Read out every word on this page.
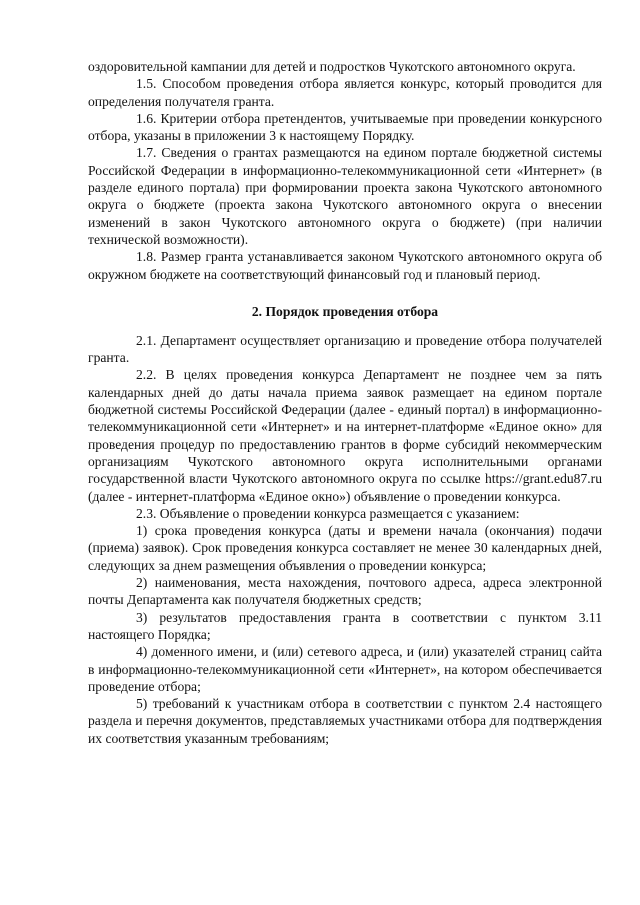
оздоровительной кампании для детей и подростков Чукотского автономного округа.

1.5. Способом проведения отбора является конкурс, который проводится для определения получателя гранта.

1.6. Критерии отбора претендентов, учитываемые при проведении конкурсного отбора, указаны в приложении 3 к настоящему Порядку.

1.7. Сведения о грантах размещаются на едином портале бюджетной системы Российской Федерации в информационно-телекоммуникационной сети «Интернет» (в разделе единого портала) при формировании проекта закона Чукотского автономного округа о бюджете (проекта закона Чукотского автономного округа о внесении изменений в закон Чукотского автономного округа о бюджете) (при наличии технической возможности).

1.8. Размер гранта устанавливается законом Чукотского автономного округа об окружном бюджете на соответствующий финансовый год и плановый период.

2. Порядок проведения отбора

2.1. Департамент осуществляет организацию и проведение отбора получателей гранта.

2.2. В целях проведения конкурса Департамент не позднее чем за пять календарных дней до даты начала приема заявок размещает на едином портале бюджетной системы Российской Федерации (далее - единый портал) в информационно-телекоммуникационной сети «Интернет» и на интернет-платформе «Единое окно» для проведения процедур по предоставлению грантов в форме субсидий некоммерческим организациям Чукотского автономного округа исполнительными органами государственной власти Чукотского автономного округа по ссылке https://grant.edu87.ru (далее - интернет-платформа «Единое окно») объявление о проведении конкурса.

2.3. Объявление о проведении конкурса размещается с указанием:

1) срока проведения конкурса (даты и времени начала (окончания) подачи (приема) заявок). Срок проведения конкурса составляет не менее 30 календарных дней, следующих за днем размещения объявления о проведении конкурса;

2) наименования, места нахождения, почтового адреса, адреса электронной почты Департамента как получателя бюджетных средств;

3) результатов предоставления гранта в соответствии с пунктом 3.11 настоящего Порядка;

4) доменного имени, и (или) сетевого адреса, и (или) указателей страниц сайта в информационно-телекоммуникационной сети «Интернет», на котором обеспечивается проведение отбора;

5) требований к участникам отбора в соответствии с пунктом 2.4 настоящего раздела и перечня документов, представляемых участниками отбора для подтверждения их соответствия указанным требованиям;
